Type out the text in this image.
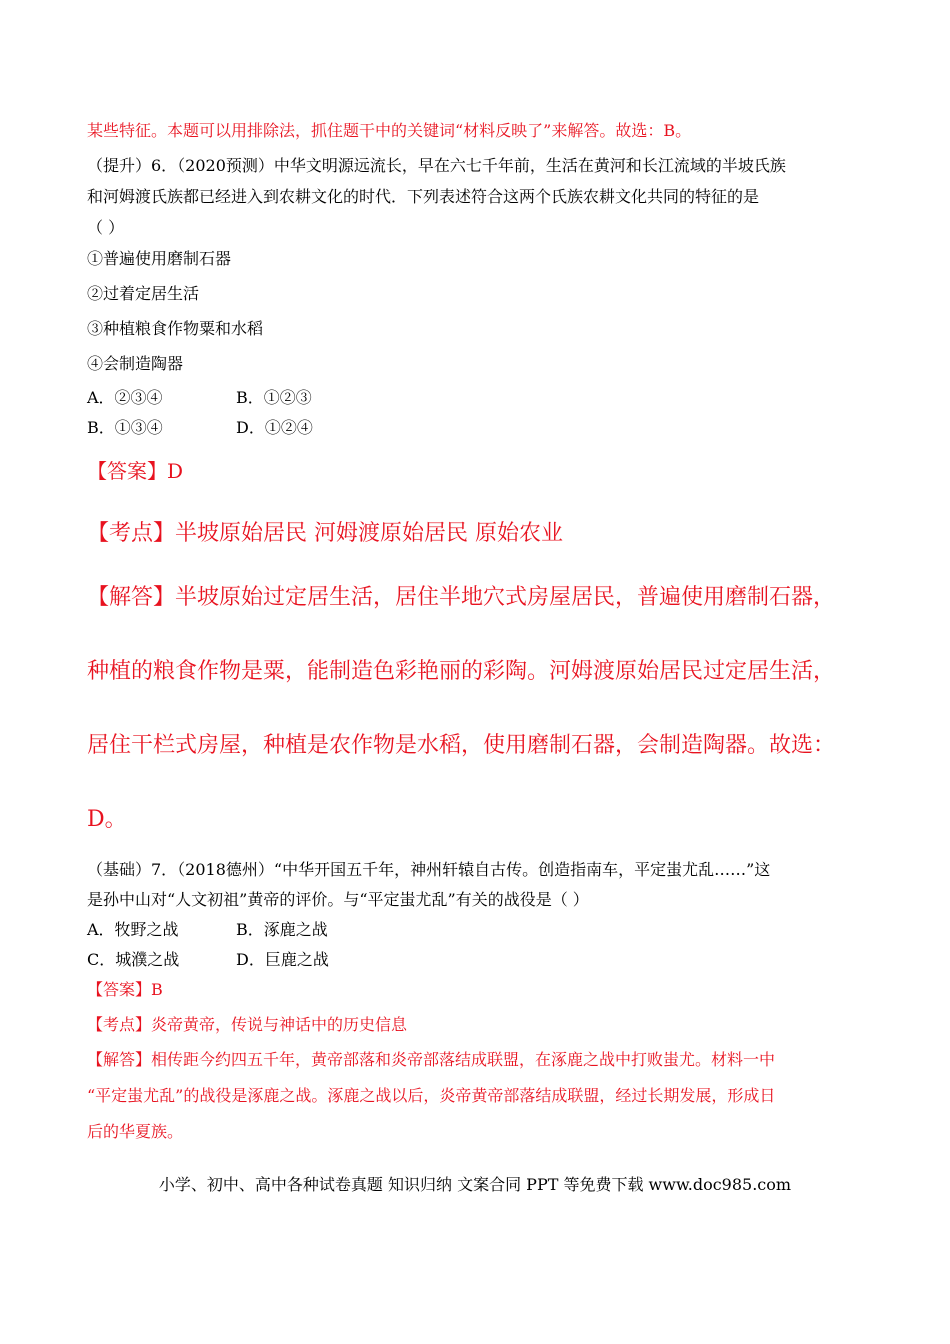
某些特征。本题可以用排除法，抓住题干中的关键词“材料反映了”来解答。故选：B。
（提升）6．（2020预测）中华文明源远流长，早在六七千年前，生活在黄河和长江流域的半坡氏族
和河姆渡氏族都已经进入到农耕文化的时代．下列表述符合这两个氏族农耕文化共同的特征的是
（ ）
①普遍使用磨制石器
②过着定居生活
③种植粮食作物粟和水稻
④会制造陶器
A．②③④	B．①②③
B．①③④	D．①②④
【答案】D
【考点】半坡原始居民 河姆渡原始居民 原始农业
【解答】半坡原始过定居生活，居住半地穴式房屋居民，普遍使用磨制石器，
种植的粮食作物是粟，能制造色彩艳丽的彩陶。河姆渡原始居民过定居生活，
居住干栏式房屋，种植是农作物是水稻，使用磨制石器，会制造陶器。故选：
D。
（基础）7．（2018德州）“中华开国五千年，神州轩辕自古传。创造指南车，平定蚩尤乱……”这
是孙中山对“人文初祖”黄帝的评价。与“平定蚩尤乱”有关的战役是（ ）
A．牧野之战	B．涿鹿之战
C．城濮之战	D．巨鹿之战
【答案】B
【考点】炎帝黄帝，传说与神话中的历史信息
【解答】相传距今约四五千年，黄帝部落和炎帝部落结成联盟，在涿鹿之战中打败蚩尤。材料一中
“平定蚩尤乱”的战役是涿鹿之战。涿鹿之战以后，炎帝黄帝部落结成联盟，经过长期发展，形成日
后的华夏族。
小学、初中、高中各种试卷真题 知识归纳 文案合同 PPT 等免费下载 www.doc985.com
